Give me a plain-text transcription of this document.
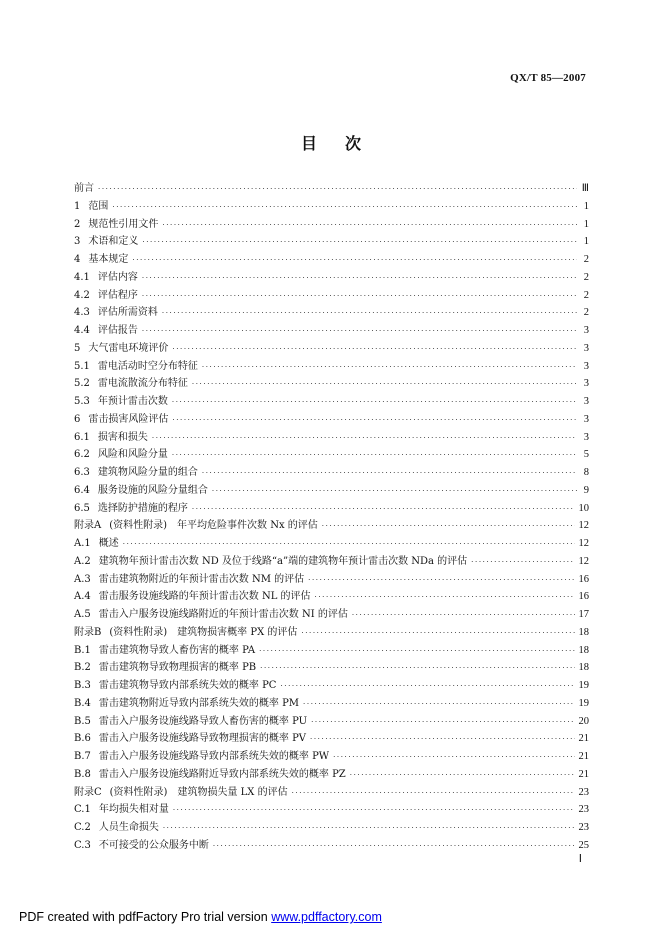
QX/T 85—2007
目次
前言 ·····	Ⅲ
1 范围 ·····	1
2 规范性引用文件 ·····	1
3 术语和定义 ·····	1
4 基本规定 ·····	2
4.1 评估内容 ·····	2
4.2 评估程序 ·····	2
4.3 评估所需资料 ·····	2
4.4 评估报告 ·····	3
5 大气雷电环境评价 ·····	3
5.1 雷电活动时空分布特征 ·····	3
5.2 雷电流散流分布特征 ·····	3
5.3 年预计雷击次数 ·····	3
6 雷击损害风险评估 ·····	3
6.1 损害和损失 ·····	3
6.2 风险和风险分量 ·····	5
6.3 建筑物风险分量的组合 ·····	8
6.4 服务设施的风险分量组合 ·····	9
6.5 选择防护措施的程序 ·····	10
附录A (资料性附录)　年平均危险事件次数 Nx 的评估 ·····	12
A.1 概述 ·····	12
A.2 建筑物年预计雷击次数 ND 及位于线路“a”端的建筑物年预计雷击次数 NDa 的评估 ·····	12
A.3 雷击建筑物附近的年预计雷击次数 NM 的评估 ·····	16
A.4 雷击服务设施线路的年预计雷击次数 NL 的评估 ·····	16
A.5 雷击入户服务设施线路附近的年预计雷击次数 NI 的评估 ·····	17
附录B (资料性附录)　建筑物损害概率 PX 的评估 ·····	18
B.1 雷击建筑物导致人畜伤害的概率 PA ·····	18
B.2 雷击建筑物导致物理损害的概率 PB ·····	18
B.3 雷击建筑物导致内部系统失效的概率 PC ·····	19
B.4 雷击建筑物附近导致内部系统失效的概率 PM ·····	19
B.5 雷击入户服务设施线路导致人畜伤害的概率 PU ·····	20
B.6 雷击入户服务设施线路导致物理损害的概率 PV ·····	21
B.7 雷击入户服务设施线路导致内部系统失效的概率 PW ·····	21
B.8 雷击入户服务设施线路附近导致内部系统失效的概率 PZ ·····	21
附录C (资料性附录)　建筑物损失量 LX 的评估 ·····	23
C.1 年均损失相对量 ·····	23
C.2 人员生命损失 ·····	23
C.3 不可接受的公众服务中断 ·····	25
Ⅰ
PDF created with pdfFactory Pro trial version www.pdffactory.com
